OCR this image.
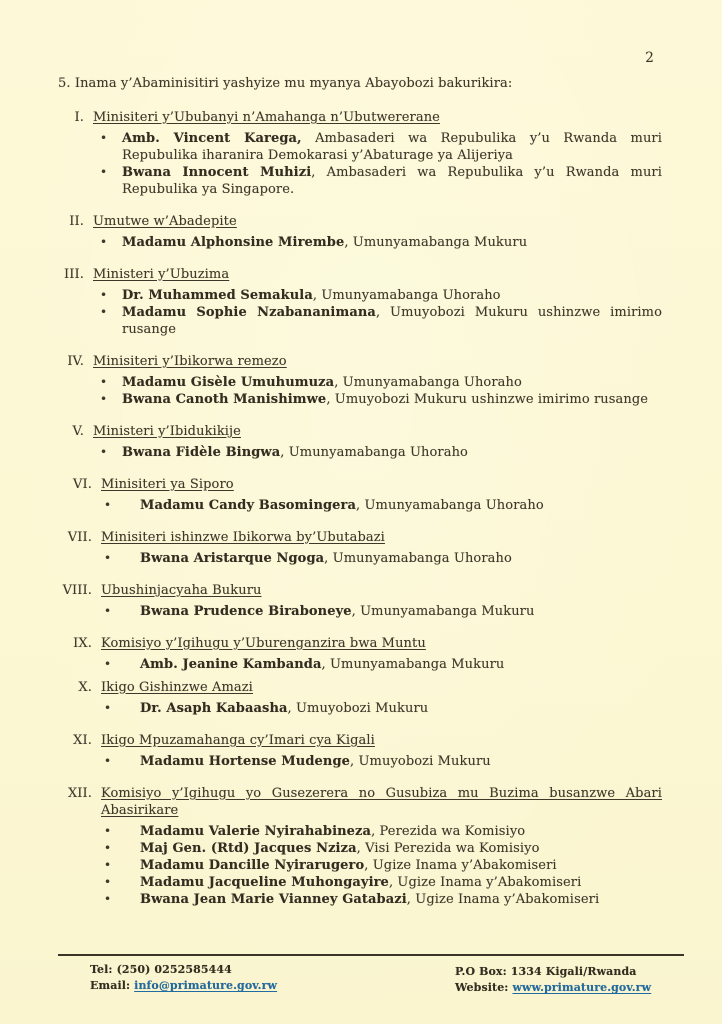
2

5. Inama y’Abaminisitiri yashyize mu myanya Abayobozi bakurikira:

I. Minisiteri y’Ububanyi n’Amahanga n’Ubutwererane
•	Amb. Vincent Karega, Ambasaderi wa Repubulika y’u Rwanda muri Repubulika iharanira Demokarasi y’Abaturage ya Alijeriya

•	Bwana Innocent Muhizi, Ambasaderi wa Repubulika y’u Rwanda muri Repubulika ya Singapore.

II. Umutwe w’Abadepite
•	Madamu Alphonsine Mirembe, Umunyamabanga Mukuru

III. Ministeri y’Ubuzima
•	Dr. Muhammed Semakula, Umunyamabanga Uhoraho

•	Madamu Sophie Nzabananimana, Umuyobozi Mukuru ushinzwe imirimo rusange

IV. Minisiteri y’Ibikorwa remezo
•	Madamu Gisèle Umuhumuza, Umunyamabanga Uhoraho

•	Bwana Canoth Manishimwe, Umuyobozi Mukuru ushinzwe imirimo rusange

V. Ministeri y’Ibidukikije
•	Bwana Fidèle Bingwa, Umunyamabanga Uhoraho

VI. Minisiteri ya Siporo
•	Madamu Candy Basomingera, Umunyamabanga Uhoraho

VII. Minisiteri ishinzwe Ibikorwa by’Ubutabazi
•	Bwana Aristarque Ngoga, Umunyamabanga Uhoraho

VIII. Ubushinjacyaha Bukuru
•	Bwana Prudence Biraboneye, Umunyamabanga Mukuru

IX. Komisiyo y’Igihugu y’Uburenganzira bwa Muntu
•	Amb. Jeanine Kambanda, Umunyamabanga Mukuru

X. Ikigo Gishinzwe Amazi
•	Dr. Asaph Kabaasha, Umuyobozi Mukuru

XI. Ikigo Mpuzamahanga cy’Imari cya Kigali
•	Madamu Hortense Mudenge, Umuyobozi Mukuru

XII. Komisiyo y’Igihugu yo Gusezerera no Gusubiza mu Buzima busanzwe Abari Abasirikare
•	Madamu Valerie Nyirahabineza, Perezida wa Komisiyo

•	Maj Gen. (Rtd) Jacques Nziza, Visi Perezida wa Komisiyo

•	Madamu Dancille Nyirarugero, Ugize Inama y’Abakomiseri

•	Madamu Jacqueline Muhongayire, Ugize Inama y’Abakomiseri

•	Bwana Jean Marie Vianney Gatabazi, Ugize Inama y’Abakomiseri

Tel: (250) 0252585444
Email: info@primature.gov.rw
P.O Box: 1334 Kigali/Rwanda
Website: www.primature.gov.rw
